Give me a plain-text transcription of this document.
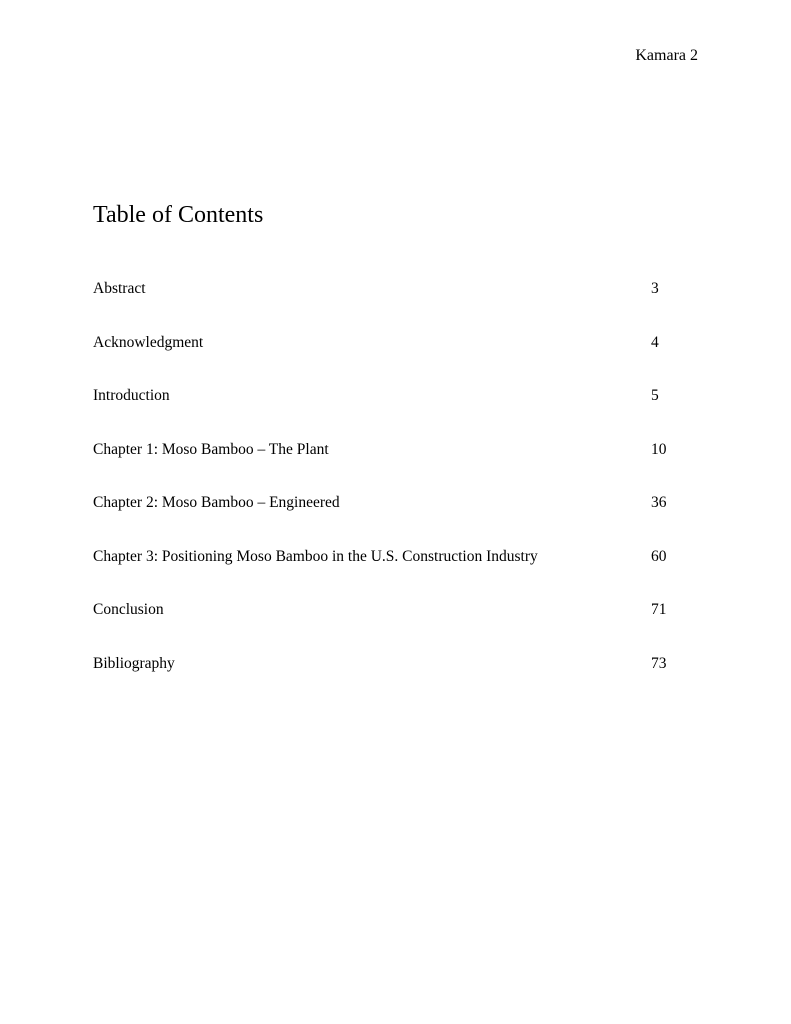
Kamara 2
Table of Contents
Abstract	3
Acknowledgment	4
Introduction	5
Chapter 1: Moso Bamboo – The Plant	10
Chapter 2: Moso Bamboo – Engineered	36
Chapter 3: Positioning Moso Bamboo in the U.S. Construction Industry	60
Conclusion	71
Bibliography	73
